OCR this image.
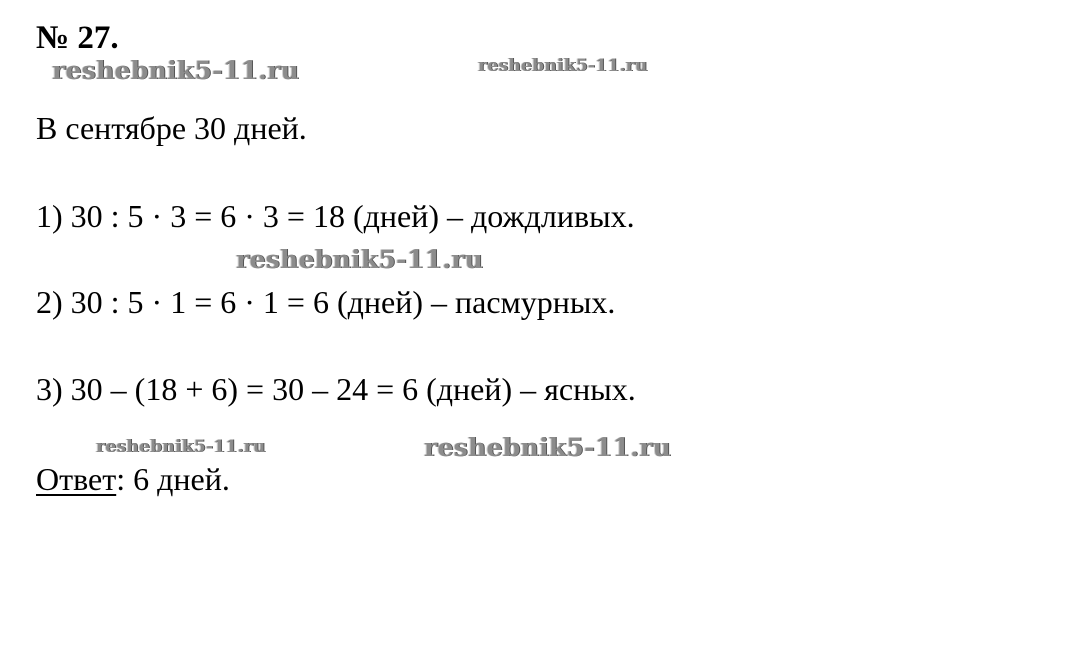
№ 27.
reshebnik5-11.ru	reshebnik5-11.ru
В сентябре 30 дней.
1) 30 : 5 · 3 = 6 · 3 = 18 (дней) – дождливых.
reshebnik5-11.ru
2) 30 : 5 · 1 = 6 · 1 = 6 (дней) – пасмурных.
3) 30 – (18 + 6) = 30 – 24 = 6 (дней) – ясных.
reshebnik5-11.ru	reshebnik5-11.ru
Ответ: 6 дней.
